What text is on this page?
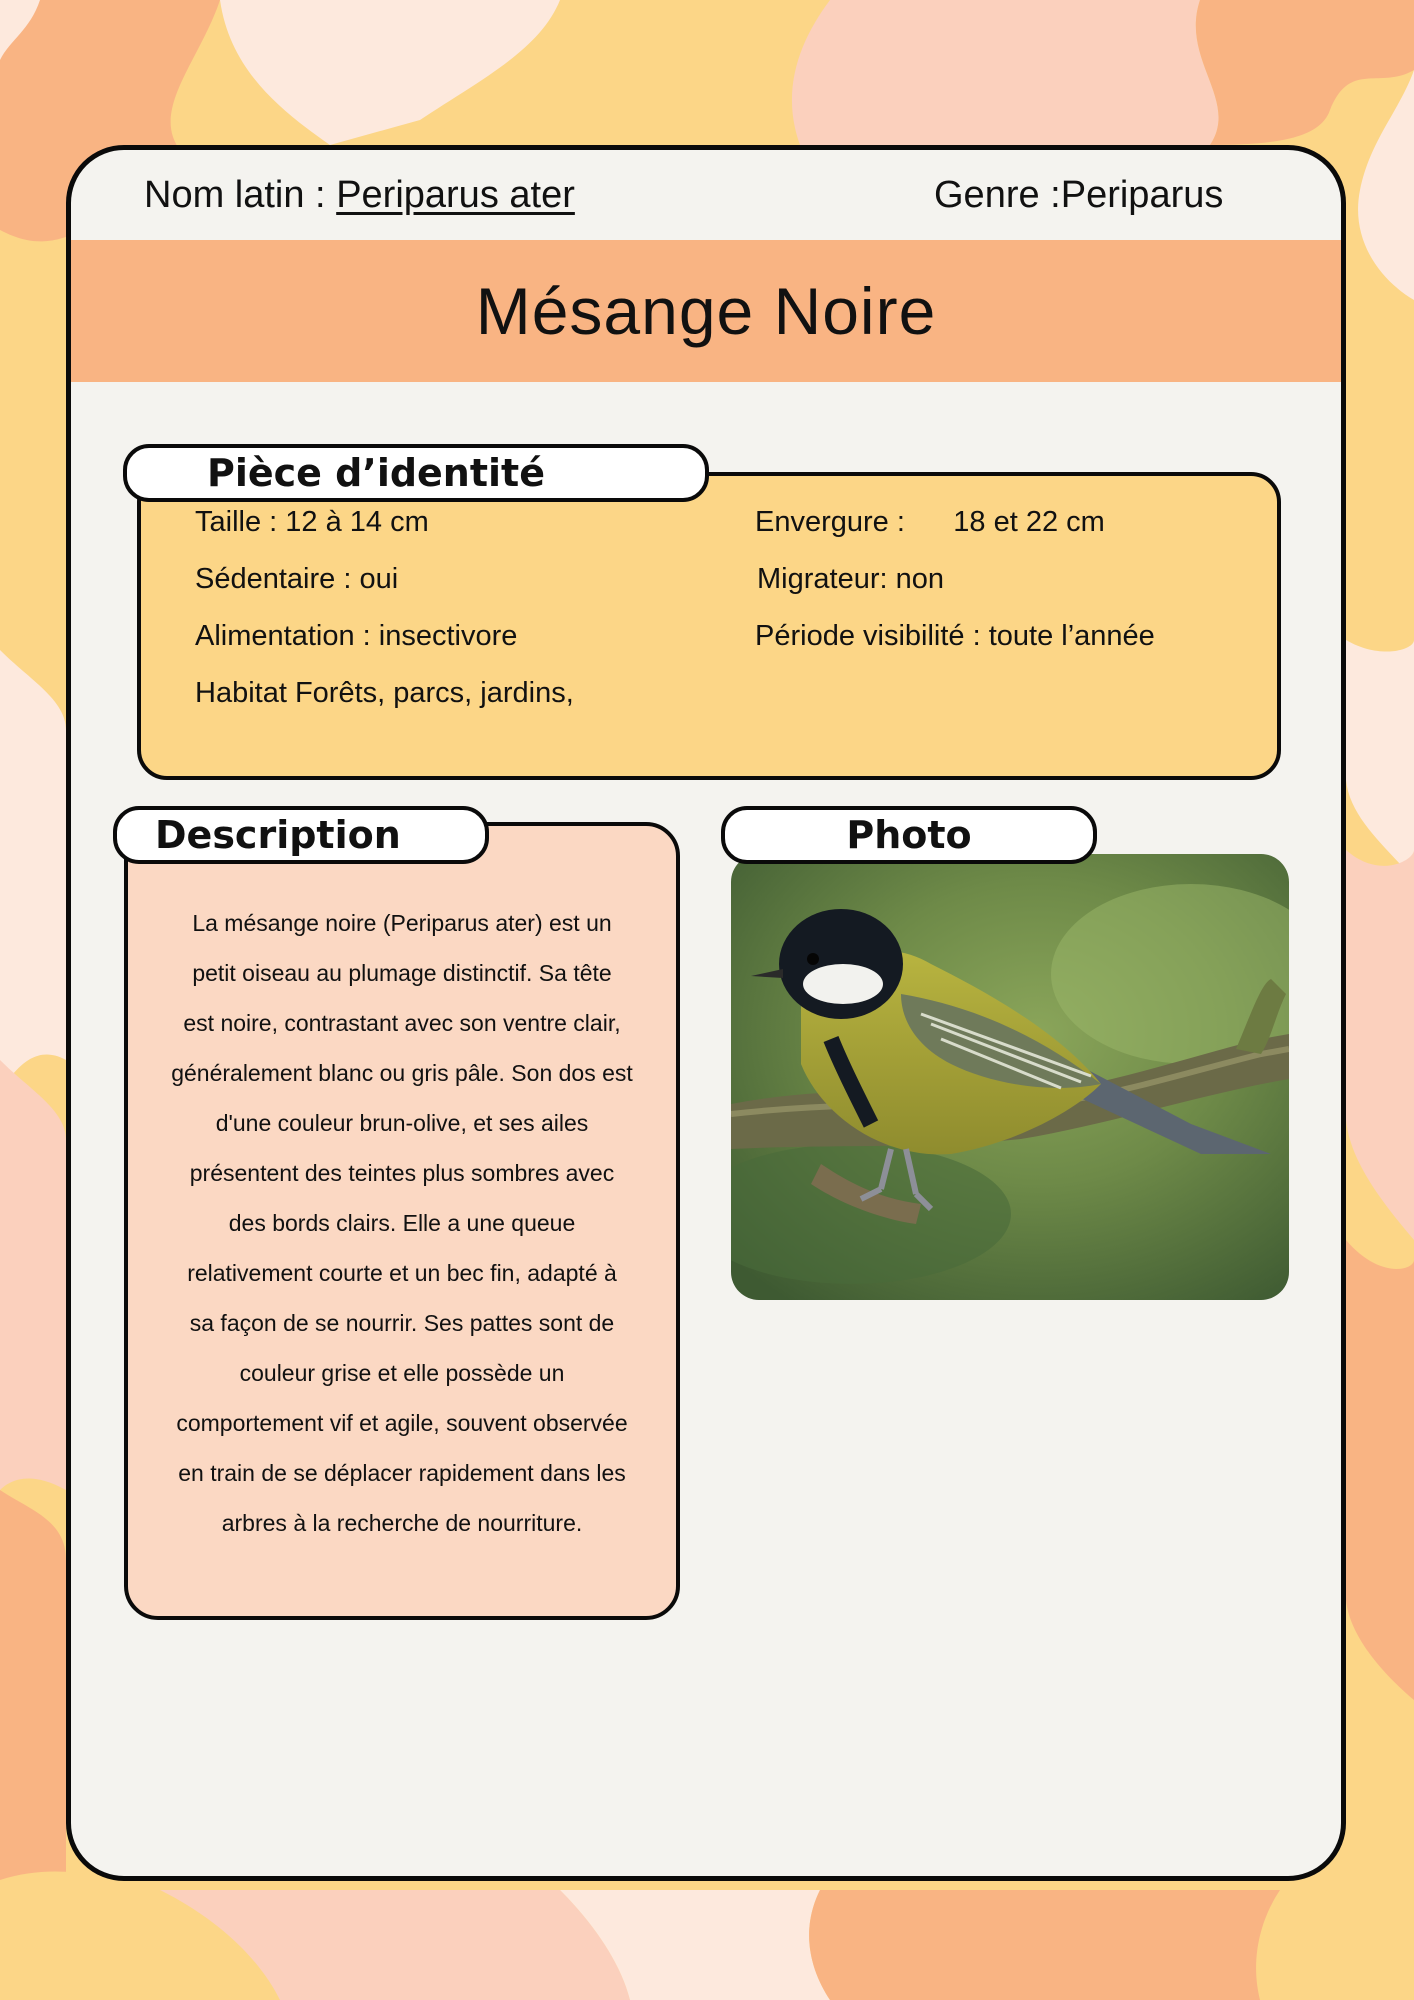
Nom latin : Periparus ater	Genre :Periparus
Mésange Noire
Pièce d’identité
Taille : 12 à 14 cm	Envergure :      18 et 22 cm
Sédentaire : oui	Migrateur: non
Alimentation : insectivore	Période visibilité : toute l’année
Habitat Forêts, parcs, jardins,
La mésange noire (Periparus ater) est un
petit oiseau au plumage distinctif. Sa tête
est noire, contrastant avec son ventre clair,
généralement blanc ou gris pâle. Son dos est
d'une couleur brun-olive, et ses ailes
présentent des teintes plus sombres avec
des bords clairs. Elle a une queue
relativement courte et un bec fin, adapté à
sa façon de se nourrir. Ses pattes sont de
couleur grise et elle possède un
comportement vif et agile, souvent observée
en train de se déplacer rapidement dans les
arbres à la recherche de nourriture.
Description	Photo
